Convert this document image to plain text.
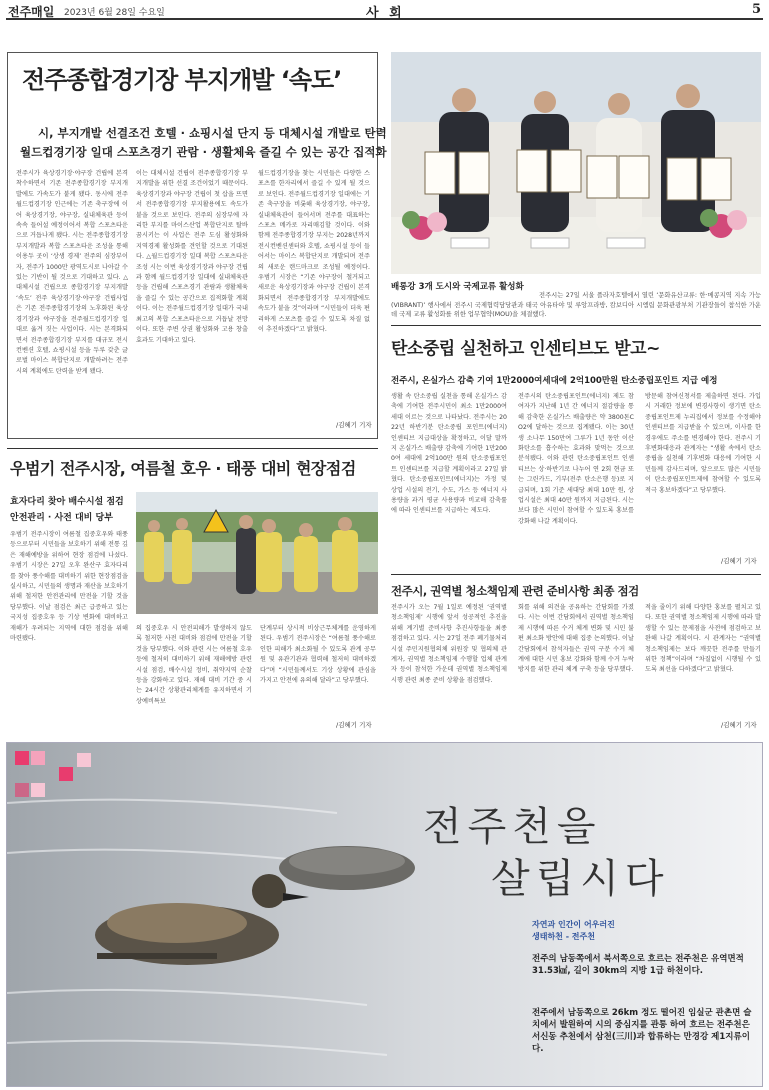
전주매일 2023년 6월 28일 수요일	사 회	5
전주종합경기장 부지개발 ‘속도’
시, 부지개발 선결조건 호텔 · 쇼핑시설 단지 등 대체시설 개발로 탄력
월드컵경기장 일대 스포츠경기 관람 · 생활체육 즐길 수 있는 공간 집적화
전주시가 육상경기장·야구장 건립에 본격 착수하면서 기존 전주종합경기장 부지개발에도 가속도가 붙게 됐다. 동시에 전주월드컵경기장 인근에는 기존 축구장에 이어 육상경기장, 야구장, 실내체육관 등이 속속 들어설 예정이어서 복합 스포츠타운으로 거듭나게 됐다. 시는 전주종합경기장 부지개발과 복합 스포츠타운 조성을 통해 이용두 곳이 ‘상생 경제’ 전주의 심장부이자, 전주가 1000만 광역도시로 나아갈 수 있는 기반이 될 것으로 기대하고 있다. △대체시설 건립으로 종합경기장 부지개발 ‘속도’ 전주 육상경기장·야구장 건립사업은 기존 전주종합경기장의 노후화된 육상경기장과 야구장을 전주월드컵경기장 일대로 옮겨 짓는 사업이다. 시는 본격화되면서 전주종합경기장 부지를 대규모 전시컨벤션 호텔, 쇼핑시설 등을 두루 갖춘 글로벌 마이스 복합단지로 개발하려는 전주시의 계획에도 탄력을 받게 됐다.
이는 대체시설 건립이 전주종합경기장 부지개발을 위한 선결 조건이었기 때문이다. 육상경기장과 야구장 건립이 첫 삽을 뜨면서 전주종합경기장 부지활용에도 속도가 붙을 것으로 보인다. 전주의 심장부에 자리한 부지를 마이스산업 복합단지로 탈바꿈시키는 이 사업은 전주 도심 활성화와 지역경제 활성화를 견인할 것으로 기대된다. △월드컵경기장 일대 복합 스포츠타운 조성 시는 이번 육상경기장과 야구장 건립과 함께 월드컵경기장 일대에 실내체육관 등을 건립해 스포츠경기 관람과 생활체육을 즐길 수 있는 공간으로 집적화할 계획이다. 이는 전주월드컵경기장 일대가 국내 최고의 복합 스포츠타운으로 거듭날 전망이다. 또한 주변 상권 활성화와 고용 창출 효과도 기대하고 있다.
월드컵경기장을 찾는 시민들은 다양한 스포츠를 한자리에서 즐길 수 있게 될 것으로 보인다. 전주월드컵경기장 일대에는 기존 축구장을 비롯해 육상경기장, 야구장, 실내체육관이 들어서며 전주를 대표하는 스포츠 메카로 자리매김할 것이다. 이와 함께 전주종합경기장 부지는 2028년까지 전시컨벤션센터와 호텔, 쇼핑시설 등이 들어서는 마이스 복합단지로 개발되며 전주의 새로운 랜드마크로 조성될 예정이다. 우범기 시장은 “기존 야구장이 철거되고 새로운 육상경기장과 야구장 건립이 본격화되면서 전주종합경기장 부지개발에도 속도가 붙을 것”이라며 “시민들이 더욱 편리하게 스포츠를 즐길 수 있도록 차질 없이 추진하겠다”고 밝혔다.
/김혜기 기자
배롱강 3개 도시와 국제교류 활성화
전주시는 27일 서울 플라자호텔에서 열린 ‘문화유산교류: 한·메콩지역 지속 가능(VIBRANT)’ 행사에서 전주시 국제협력담당관과 태국 아유타야 및 루앙프라방, 캄보디아 시엠립 문화관광부처 기관장들이 참석한 가운데 국제 교류 활성화를 위한 업무협약(MOU)을 체결했다.
탄소중립 실천하고 인센티브도 받고~
전주시, 온실가스 감축 기여 1만2000여세대에 2억100만원 탄소중립포인트 지급 예정
생활 속 탄소중립 실천을 통해 온실가스 감축에 기여한 전주시민이 최소 1만2000여 세대 이르는 것으로 나타났다. 전주시는 2022년 하반기분 탄소중립 포인트(에너지) 인센티브 지급대상을 확정하고, 이달 말까지 온실가스 배출량 감축에 기여한 1만2000여 세대에 2억100만 원의 탄소중립포인트 인센티브를 지급할 계획이라고 27일 밝혔다. 탄소중립포인트(에너지)는 가정 및 상업 시설의 전기, 수도, 가스 등 에너지 사용량을 과거 평균 사용량과 비교해 감축률에 따라 인센티브를 지급하는 제도다.
전주시의 탄소중립포인트(에너지) 제도 참여자가 지난해 1년 간 에너지 절감량을 통해 감축한 온실가스 배출량은 약 3800톤CO2에 달하는 것으로 집계됐다. 이는 30년생 소나무 150만여 그루가 1년 동안 이산화탄소를 흡수하는 효과와 맞먹는 것으로 분석됐다. 이와 관련 탄소중립포인트 인센티브는 상·하반기로 나누어 연 2회 현금 또는 그린카드, 기부(전주 탄소은행 등)로 지급되며, 1회 기준 세대당 최대 10만 원, 상업시설은 최대 40만 원까지 지급된다. 시는 보다 많은 시민이 참여할 수 있도록 홍보를 강화해 나갈 계획이다.
방문해 참여신청서를 제출하면 된다. 가입시 거래한 정보에 변경사항이 생기면 탄소중립포인트제 누리집에서 정보를 수정해야 인센티브를 지급받을 수 있으며, 이사를 한 경우에도 주소를 변경해야 한다. 전주시 기후변화대응과 관계자는 “생활 속에서 탄소중립을 실천해 기후변화 대응에 기여한 시민들께 감사드리며, 앞으로도 많은 시민들이 탄소중립포인트제에 참여할 수 있도록 적극 홍보하겠다”고 당부했다.
/김혜기 기자
우범기 전주시장, 여름철 호우 · 태풍 대비 현장점검
효자다리 찾아 배수시설 점검
안전관리 · 사전 대비 당부
우범기 전주시장이 여름철 집중호우와 태풍 등으로부터 시민들을 보호하기 위해 전통 깊은 재해예방을 위하여 현장 점검에 나섰다. 우범기 시장은 27일 오후 완산구 효자다리를 찾아 풍수해를 대비하기 위한 현장점검을 실시하고, 시민들의 생명과 재산을 보호하기 위해 철저한 안전관리에 만전을 기할 것을 당부했다. 이날 점검은 최근 급증하고 있는 국지성 집중호우 등 기상 변화에 대비하고 재해가 우려되는 지역에 대한 점검을 위해 마련됐다.
의 집중호우 시 안전피해가 발생하지 않도록 철저한 사전 대비와 점검에 만전을 기할 것을 당부했다. 이와 관련 시는 여름철 호우 등에 철저히 대비하기 위해 재해예방 관련 시설 점검, 배수시설 정비, 취약지역 순찰 등을 강화하고 있다. 재해 대비 기간 중 시는 24시간 상황관리체계를 유지하면서 기상예비특보
단계부터 상시적 비상근무체계를 운영하게 된다. 우범기 전주시장은 “여름철 풍수해로 인한 피해가 최소화될 수 있도록 관계 공무원 및 유관기관과 협력해 철저히 대비하겠다”며 “시민들께서도 기상 상황에 관심을 가지고 안전에 유의해 달라”고 당부했다.
/김혜기 기자
전주시, 권역별 청소책임제 관련 준비사항 최종 점검
전주시가 오는 7월 1일로 예정된 ‘권역별 청소책임제’ 시행에 앞서 성공적인 추진을 위해 계기별 준비사항 추진사항들을 최종 점검하고 있다. 시는 27일 전주 폐기물처리시설 주민지원협의체 위원장 및 협의체 관계자, 권역별 청소책임제 수행할 업체 관계자 등이 참석한 가운데 권역별 청소책임제 시행 관련 최종 준비 상황을 점검했다.
회를 위해 의견을 공유하는 간담회를 가졌다. 시는 이번 간담회에서 권역별 청소책임제 시행에 따른 수거 체계 변화 및 시민 불편 최소화 방안에 대해 집중 논의했다. 이날 간담회에서 참석자들은 권역 구분 수거 체계에 대한 시민 홍보 강화와 함께 수거 누락 방지를 위한 관리 체계 구축 등을 당부했다.
적을 줄이기 위해 다양한 홍보를 펼치고 있다. 또한 권역별 청소책임제 시행에 따라 발생할 수 있는 문제점을 사전에 점검하고 보완해 나갈 계획이다. 시 관계자는 “권역별 청소책임제는 보다 깨끗한 전주를 만들기 위한 정책”이라며 “차질없이 시행될 수 있도록 최선을 다하겠다”고 밝혔다.
/김혜기 기자
전주천을
살립시다
자연과 인간이 어우러진
생태하천 - 전주천
전주의 남동쪽에서 북서쪽으로 흐르는 전주천은 유역면적 31.53㎢, 길이 30km의 지방 1급 하천이다.
전주에서 남동쪽으로 26km 정도 떨어진 임실군 관촌면 슬치에서 발원하여 시의 중심지를 관통 하여 흐르는 전주천은 서신동 추천에서 삼천(三川)과 합류하는 만경강 제1지류이다.
